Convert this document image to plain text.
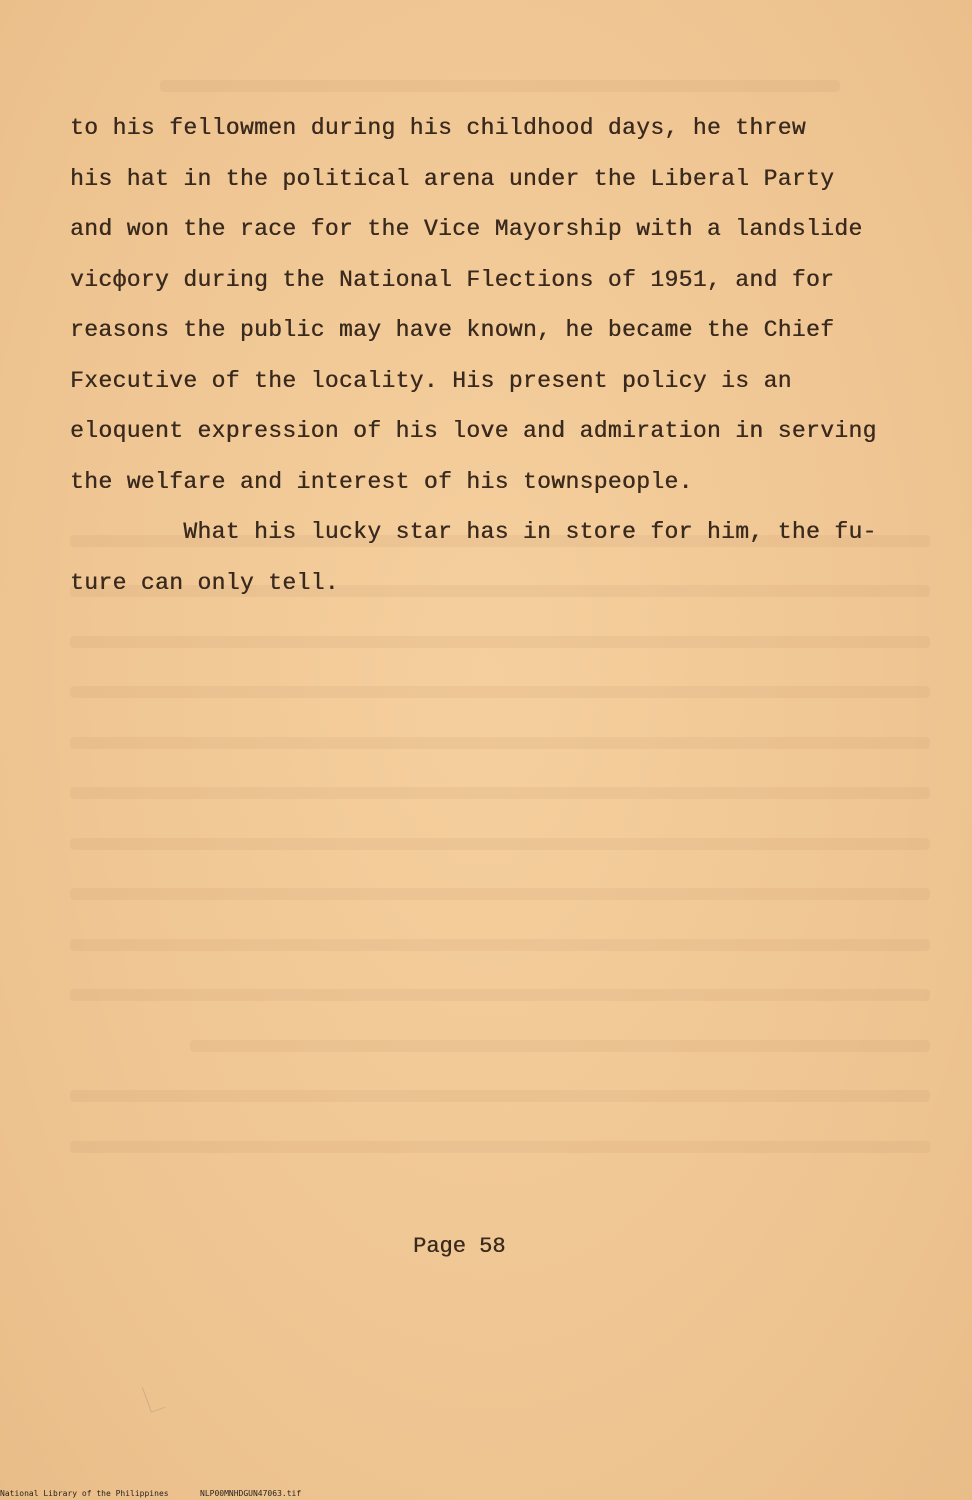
to his fellowmen during his childhood days, he threw
his hat in the political arena under the Liberal Party
and won the race for the Vice Mayorship with a landslide
vicфory during the National Flections of 1951, and for
reasons the public may have known, he became the Chief
Fxecutive of the locality. His present policy is an
eloquent expression of his love and admiration in serving
the welfare and interest of his townspeople.
What his lucky star has in store for him, the fu-
ture can only tell.
Page 58
National Library of the Philippines	NLP00MNHDGUN47063.tif
